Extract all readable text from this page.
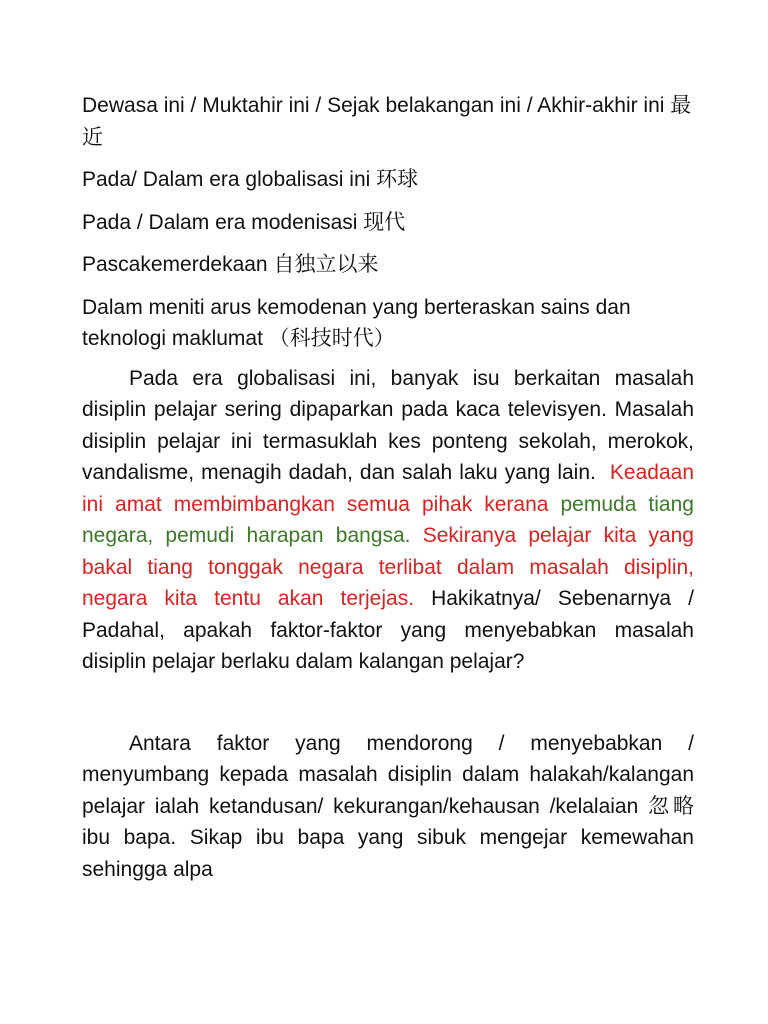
Dewasa ini / Muktahir ini / Sejak belakangan ini / Akhir-akhir ini 最近

Pada/ Dalam era globalisasi ini 环球

Pada / Dalam era modenisasi 现代

Pascakemerdekaan 自独立以来

Dalam meniti arus kemodenan yang berteraskan sains dan teknologi maklumat （科技时代）

Pada era globalisasi ini, banyak isu berkaitan masalah disiplin pelajar sering dipaparkan pada kaca televisyen. Masalah disiplin pelajar ini termasuklah kes ponteng sekolah, merokok, vandalisme, menagih dadah, dan salah laku yang lain. Keadaan ini amat membimbangkan semua pihak kerana pemuda tiang negara, pemudi harapan bangsa. Sekiranya pelajar kita yang bakal tiang tonggak negara terlibat dalam masalah disiplin, negara kita tentu akan terjejas. Hakikatnya/ Sebenarnya / Padahal, apakah faktor-faktor yang menyebabkan masalah disiplin pelajar berlaku dalam kalangan pelajar?

Antara faktor yang mendorong / menyebabkan / menyumbang kepada masalah disiplin dalam halakah/kalangan pelajar ialah ketandusan/ kekurangan/kehausan /kelalaian 忽略 ibu bapa. Sikap ibu bapa yang sibuk mengejar kemewahan sehingga alpa
